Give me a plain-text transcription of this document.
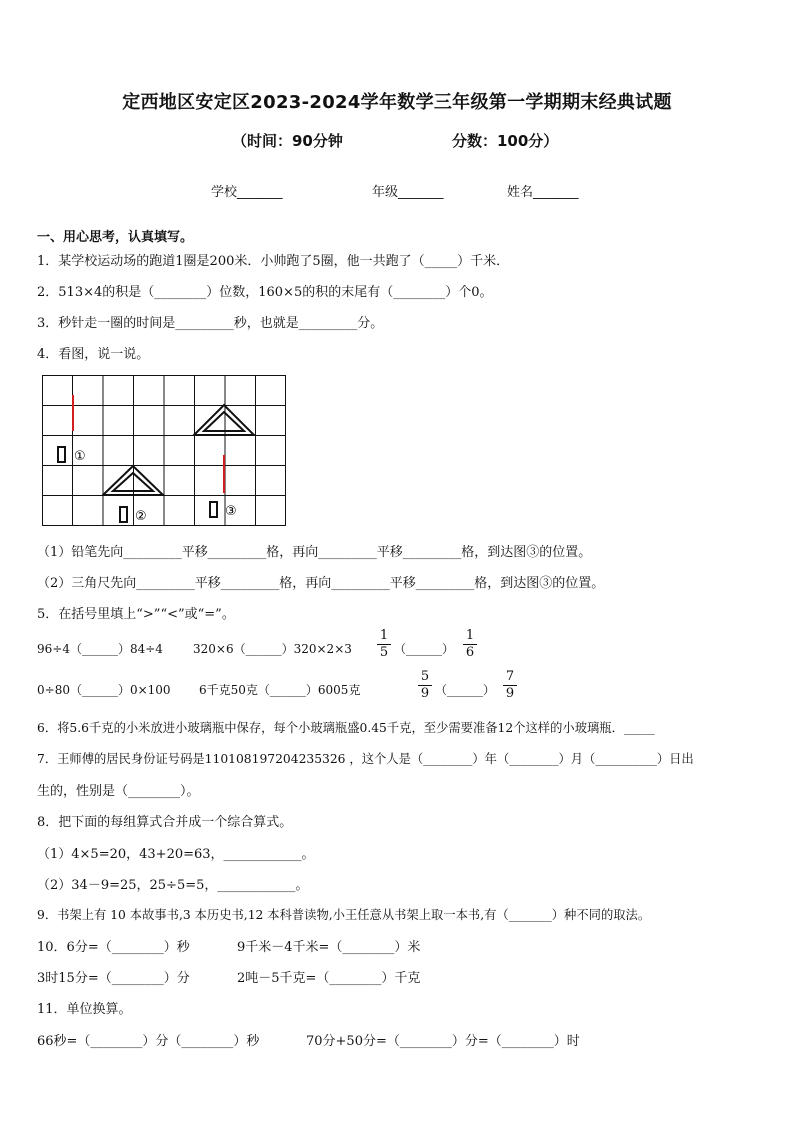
定西地区安定区2023-2024学年数学三年级第一学期期末经典试题
（时间：90分钟	分数：100分）
学校_______	年级_______	姓名_______
一、用心思考，认真填写。
1．某学校运动场的跑道1圈是200米．小帅跑了5圈，他一共跑了（_____）千米．
2．513×4的积是（________）位数，160×5的积的末尾有（________）个0。
3．秒针走一圈的时间是_________秒，也就是_________分。
4．看图，说一说。
①
②	③
（1）铅笔先向_________平移_________格，再向_________平移_________格，到达图③的位置。
（2）三角尺先向_________平移_________格，再向_________平移_________格，到达图③的位置。
5．在括号里填上“>”“<”或“=”。
96÷4（______）84÷4	320×6（______）320×2×3
1
5 （______）
1
6
0÷80（______）0×100 6千克50克（______）6005克
5
9 （______）
7
9
6．将5.6千克的小米放进小玻璃瓶中保存，每个小玻璃瓶盛0.45千克，至少需要准备12个这样的小玻璃瓶．_____
7．王师傅的居民身份证号码是110108197204235326 ，这个人是（________）年（________）月（__________）日出
生的，性别是（________）。
8．把下面的每组算式合并成一个综合算式。
（1）4×5=20，43+20=63，____________。
（2）34－9=25，25÷5=5，____________。
9．书架上有 10 本故事书,3 本历史书,12 本科普读物,小王任意从书架上取一本书,有（_______）种不同的取法。
10．6分=（________）秒	9千米－4千米=（________）米
3时15分=（________）分	2吨－5千克=（________）千克
11．单位换算。
66秒=（________）分（________）秒	70分+50分=（________）分=（________）时
